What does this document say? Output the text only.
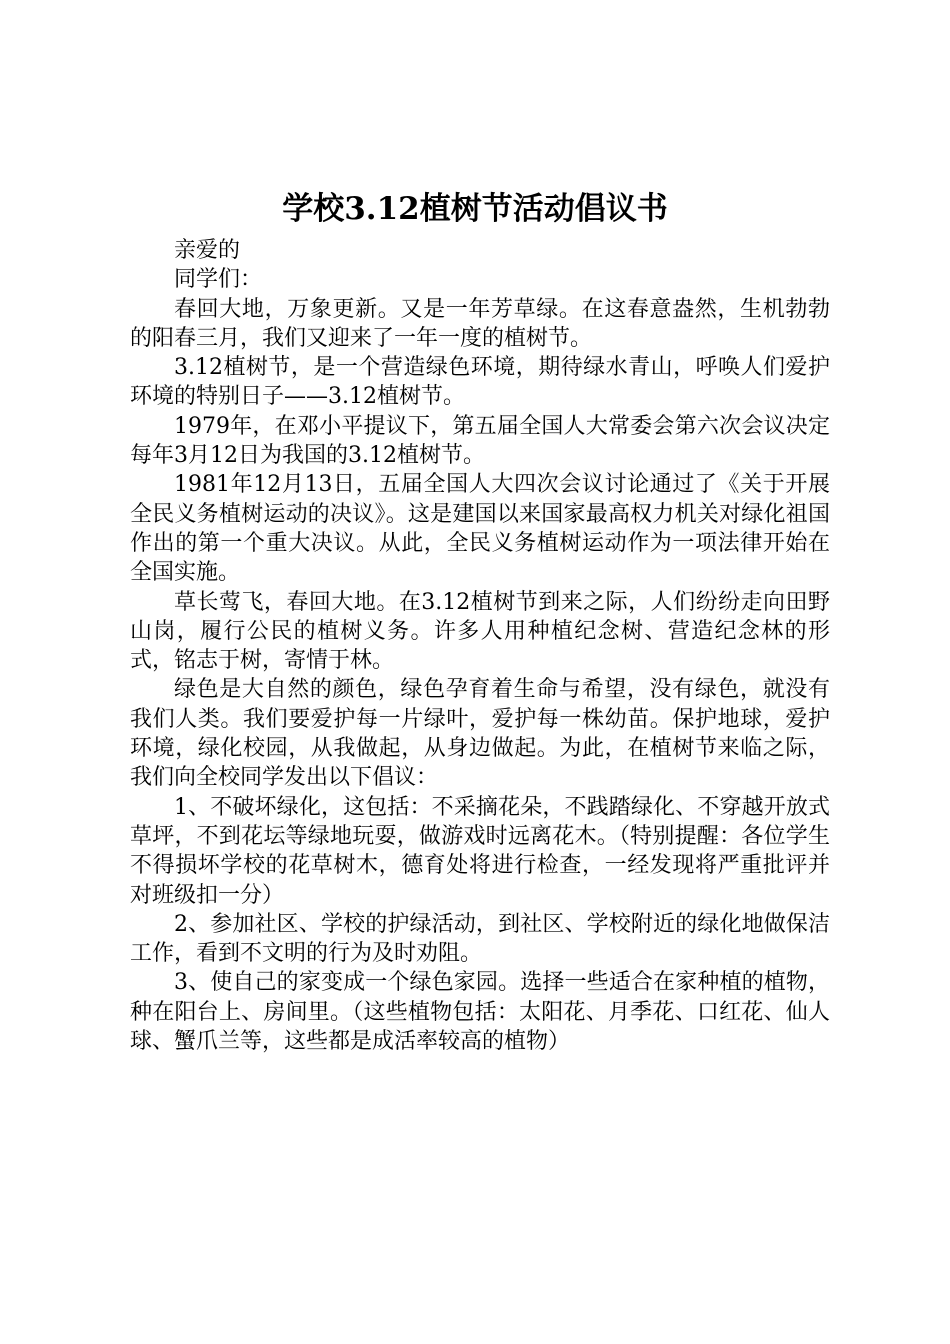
学校3.12植树节活动倡议书

亲爱的

同学们：

春回大地，万象更新。又是一年芳草绿。在这春意盎然，生机勃勃的阳春三月，我们又迎来了一年一度的植树节。

3.12植树节，是一个营造绿色环境，期待绿水青山，呼唤人们爱护环境的特别日子——3.12植树节。

1979年，在邓小平提议下，第五届全国人大常委会第六次会议决定每年3月12日为我国的3.12植树节。

1981年12月13日，五届全国人大四次会议讨论通过了《关于开展全民义务植树运动的决议》。这是建国以来国家最高权力机关对绿化祖国作出的第一个重大决议。从此，全民义务植树运动作为一项法律开始在全国实施。

草长莺飞，春回大地。在3.12植树节到来之际，人们纷纷走向田野山岗，履行公民的植树义务。许多人用种植纪念树、营造纪念林的形式，铭志于树，寄情于林。

绿色是大自然的颜色，绿色孕育着生命与希望，没有绿色，就没有我们人类。我们要爱护每一片绿叶，爱护每一株幼苗。保护地球，爱护环境，绿化校园，从我做起，从身边做起。为此，在植树节来临之际，我们向全校同学发出以下倡议：

1、不破坏绿化，这包括：不采摘花朵，不践踏绿化、不穿越开放式草坪，不到花坛等绿地玩耍，做游戏时远离花木。（特别提醒：各位学生不得损坏学校的花草树木，德育处将进行检查，一经发现将严重批评并对班级扣一分）

2、参加社区、学校的护绿活动，到社区、学校附近的绿化地做保洁工作，看到不文明的行为及时劝阻。

3、使自己的家变成一个绿色家园。选择一些适合在家种植的植物，种在阳台上、房间里。（这些植物包括：太阳花、月季花、口红花、仙人球、蟹爪兰等，这些都是成活率较高的植物）
